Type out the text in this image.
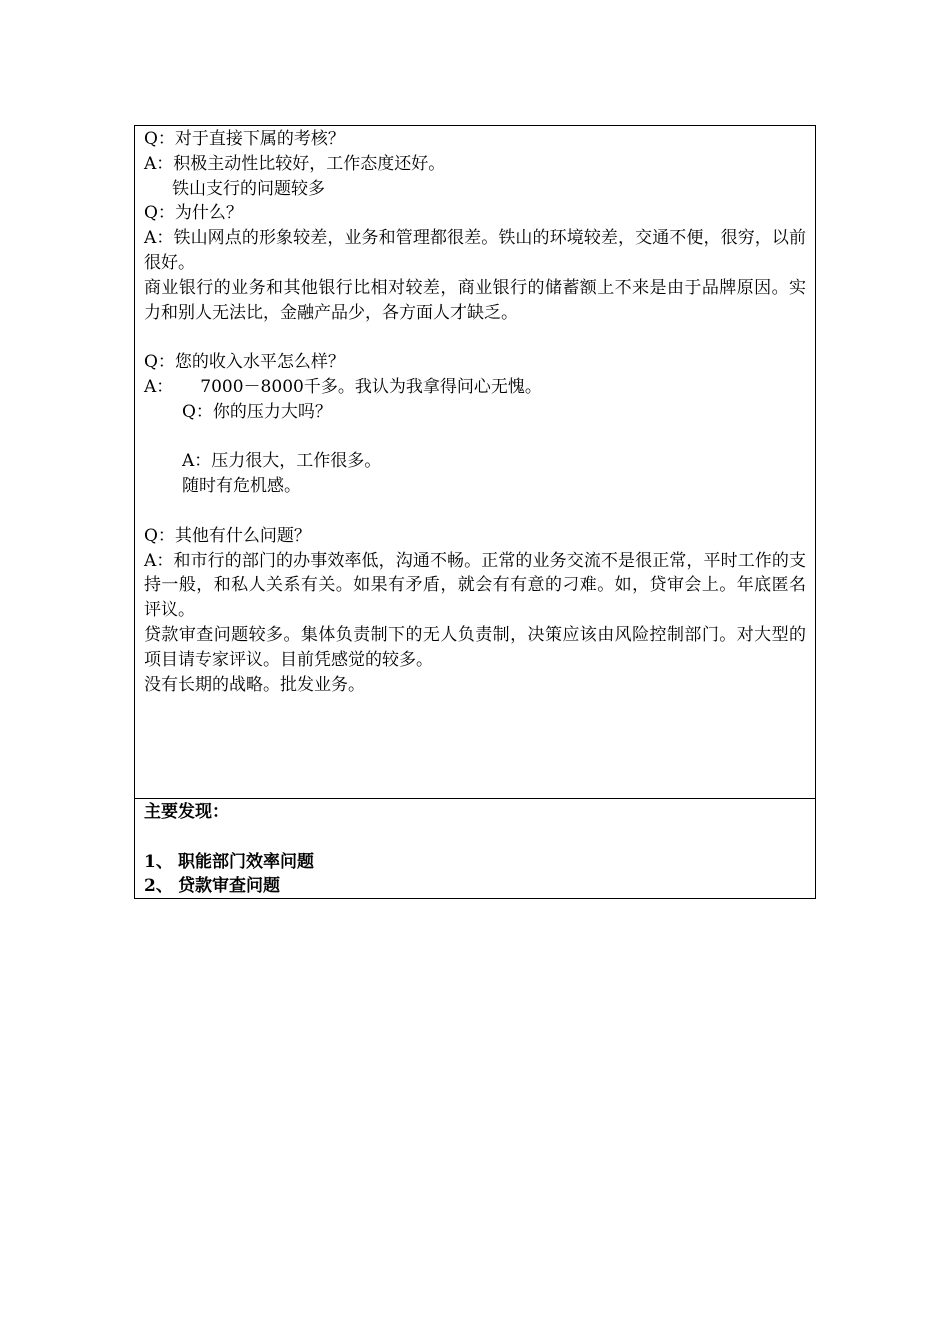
Q：对于直接下属的考核？
A：积极主动性比较好，工作态度还好。
铁山支行的问题较多
Q：为什么？
A：铁山网点的形象较差，业务和管理都很差。铁山的环境较差，交通不便，很穷，以前很好。
商业银行的业务和其他银行比相对较差，商业银行的储蓄额上不来是由于品牌原因。实力和别人无法比，金融产品少，各方面人才缺乏。
Q：您的收入水平怎么样？
A：     7000－8000千多。我认为我拿得问心无愧。
Q：你的压力大吗？
A：压力很大，工作很多。
随时有危机感。
Q：其他有什么问题？
A：和市行的部门的办事效率低，沟通不畅。正常的业务交流不是很正常，平时工作的支持一般，和私人关系有关。如果有矛盾，就会有有意的刁难。如，贷审会上。年底匿名评议。
贷款审查问题较多。集体负责制下的无人负责制，决策应该由风险控制部门。对大型的项目请专家评议。目前凭感觉的较多。
没有长期的战略。批发业务。
主要发现：
1、 职能部门效率问题
2、 贷款审查问题
